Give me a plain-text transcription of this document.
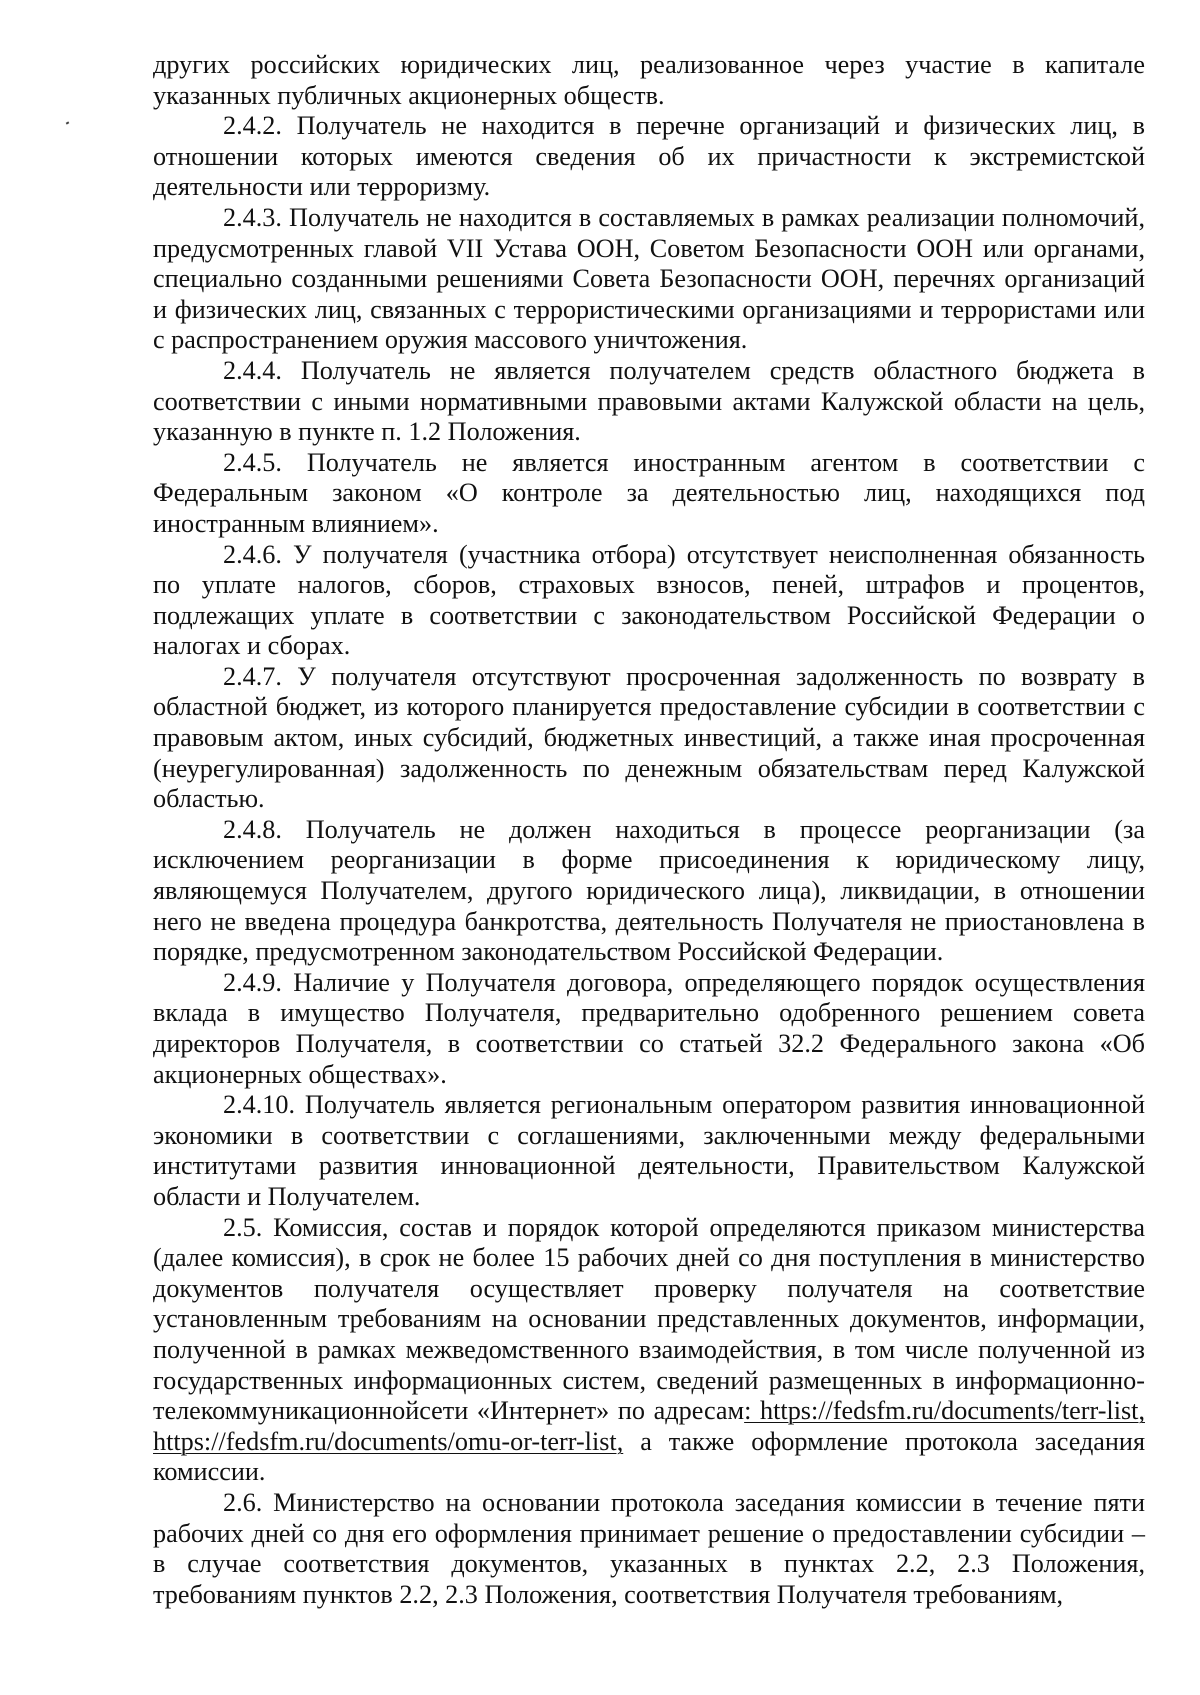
других российских юридических лиц, реализованное через участие в капитале указанных публичных акционерных обществ.

2.4.2. Получатель не находится в перечне организаций и физических лиц, в отношении которых имеются сведения об их причастности к экстремистской деятельности или терроризму.

2.4.3. Получатель не находится в составляемых в рамках реализации полномочий, предусмотренных главой VII Устава ООН, Советом Безопасности ООН или органами, специально созданными решениями Совета Безопасности ООН, перечнях организаций и физических лиц, связанных с террористическими организациями и террористами или с распространением оружия массового уничтожения.

2.4.4. Получатель не является получателем средств областного бюджета в соответствии с иными нормативными правовыми актами Калужской области на цель, указанную в пункте п. 1.2 Положения.

2.4.5. Получатель не является иностранным агентом в соответствии с Федеральным законом «О контроле за деятельностью лиц, находящихся под иностранным влиянием».

2.4.6. У получателя (участника отбора) отсутствует неисполненная обязанность по уплате налогов, сборов, страховых взносов, пеней, штрафов и процентов, подлежащих уплате в соответствии с законодательством Российской Федерации о налогах и сборах.

2.4.7. У получателя отсутствуют просроченная задолженность по возврату в областной бюджет, из которого планируется предоставление субсидии в соответствии с правовым актом, иных субсидий, бюджетных инвестиций, а также иная просроченная (неурегулированная) задолженность по денежным обязательствам перед Калужской областью.

2.4.8. Получатель не должен находиться в процессе реорганизации (за исключением реорганизации в форме присоединения к юридическому лицу, являющемуся Получателем, другого юридического лица), ликвидации, в отношении него не введена процедура банкротства, деятельность Получателя не приостановлена в порядке, предусмотренном законодательством Российской Федерации.

2.4.9. Наличие у Получателя договора, определяющего порядок осуществления вклада в имущество Получателя, предварительно одобренного решением совета директоров Получателя, в соответствии со статьей 32.2 Федерального закона «Об акционерных обществах».

2.4.10. Получатель является региональным оператором развития инновационной экономики в соответствии с соглашениями, заключенными между федеральными институтами развития инновационной деятельности, Правительством Калужской области и Получателем.

2.5. Комиссия, состав и порядок которой определяются приказом министерства (далее комиссия), в срок не более 15 рабочих дней со дня поступления в министерство документов получателя осуществляет проверку получателя на соответствие установленным требованиям на основании представленных документов, информации, полученной в рамках межведомственного взаимодействия, в том числе полученной из государственных информационных систем, сведений размещенных в информационно-телекоммуникационнойсети «Интернет» по адресам: https://fedsfm.ru/documents/terr-list, https://fedsfm.ru/documents/omu-or-terr-list, а также оформление протокола заседания комиссии.

2.6. Министерство на основании протокола заседания комиссии в течение пяти рабочих дней со дня его оформления принимает решение о предоставлении субсидии – в случае соответствия документов, указанных в пунктах 2.2, 2.3 Положения, требованиям пунктов 2.2, 2.3 Положения, соответствия Получателя требованиям,
